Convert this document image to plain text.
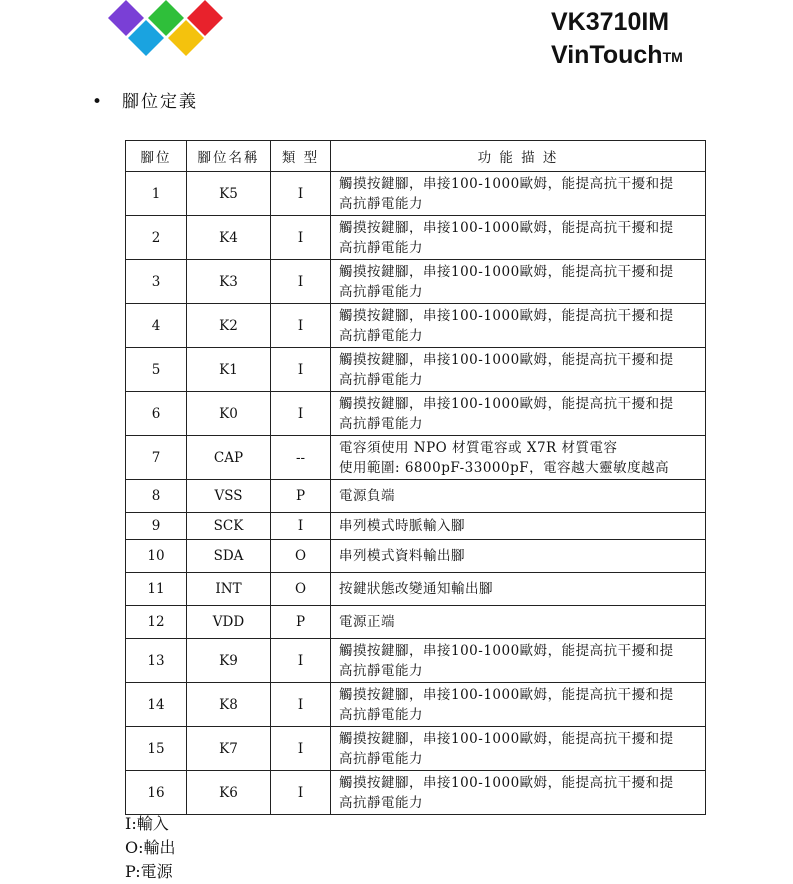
VK3710IM
VinTouch™
• 腳位定義
腳位	腳位名稱	類 型	功 能 描 述
1	K5	I	觸摸按鍵腳，串接100-1000歐姆，能提高抗干擾和提
高抗靜電能力

2	K4	I	觸摸按鍵腳，串接100-1000歐姆，能提高抗干擾和提
高抗靜電能力

3	K3	I	觸摸按鍵腳，串接100-1000歐姆，能提高抗干擾和提
高抗靜電能力

4	K2	I	觸摸按鍵腳，串接100-1000歐姆，能提高抗干擾和提
高抗靜電能力

5	K1	I	觸摸按鍵腳，串接100-1000歐姆，能提高抗干擾和提
高抗靜電能力

6	K0	I	觸摸按鍵腳，串接100-1000歐姆，能提高抗干擾和提
高抗靜電能力

7	CAP	--	電容須使用 NPO 材質電容或 X7R 材質電容
使用範圍: 6800pF-33000pF，電容越大靈敏度越高

8	VSS	P	電源負端

9	SCK	I	串列模式時脈輸入腳

10	SDA	O	串列模式資料輸出腳

11	INT	O	按鍵狀態改變通知輸出腳

12	VDD	P	電源正端

13	K9	I	觸摸按鍵腳，串接100-1000歐姆，能提高抗干擾和提
高抗靜電能力

14	K8	I	觸摸按鍵腳，串接100-1000歐姆，能提高抗干擾和提
高抗靜電能力

15	K7	I	觸摸按鍵腳，串接100-1000歐姆，能提高抗干擾和提
高抗靜電能力

16	K6	I	觸摸按鍵腳，串接100-1000歐姆，能提高抗干擾和提
高抗靜電能力
I:輸入
O:輸出
P:電源
